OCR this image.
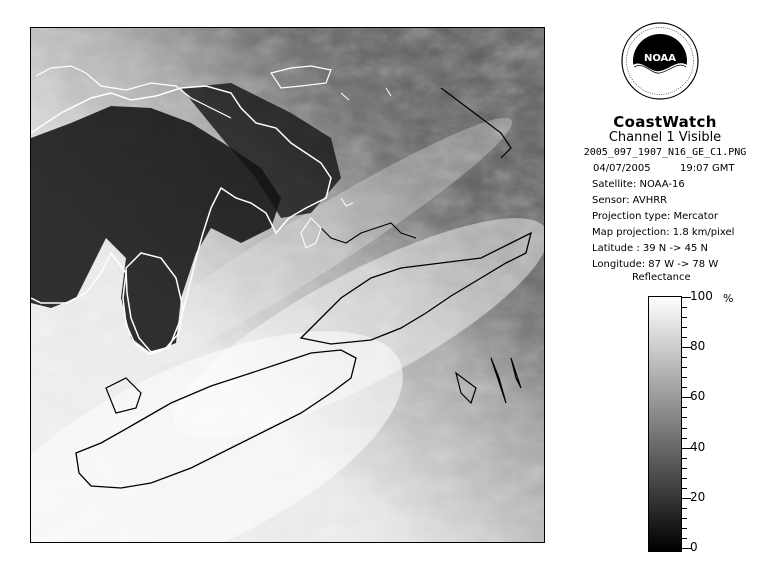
NOAA
CoastWatch
Channel 1 Visible
2005_097_1907_N16_GE_C1.PNG
04/07/2005	19:07 GMT
Satellite: NOAA-16
Sensor: AVHRR
Projection type: Mercator
Map projection: 1.8 km/pixel
Latitude : 39 N -> 45 N
Longitude: 87 W -> 78 W
Reflectance
%
0
20
40
60
80
100
